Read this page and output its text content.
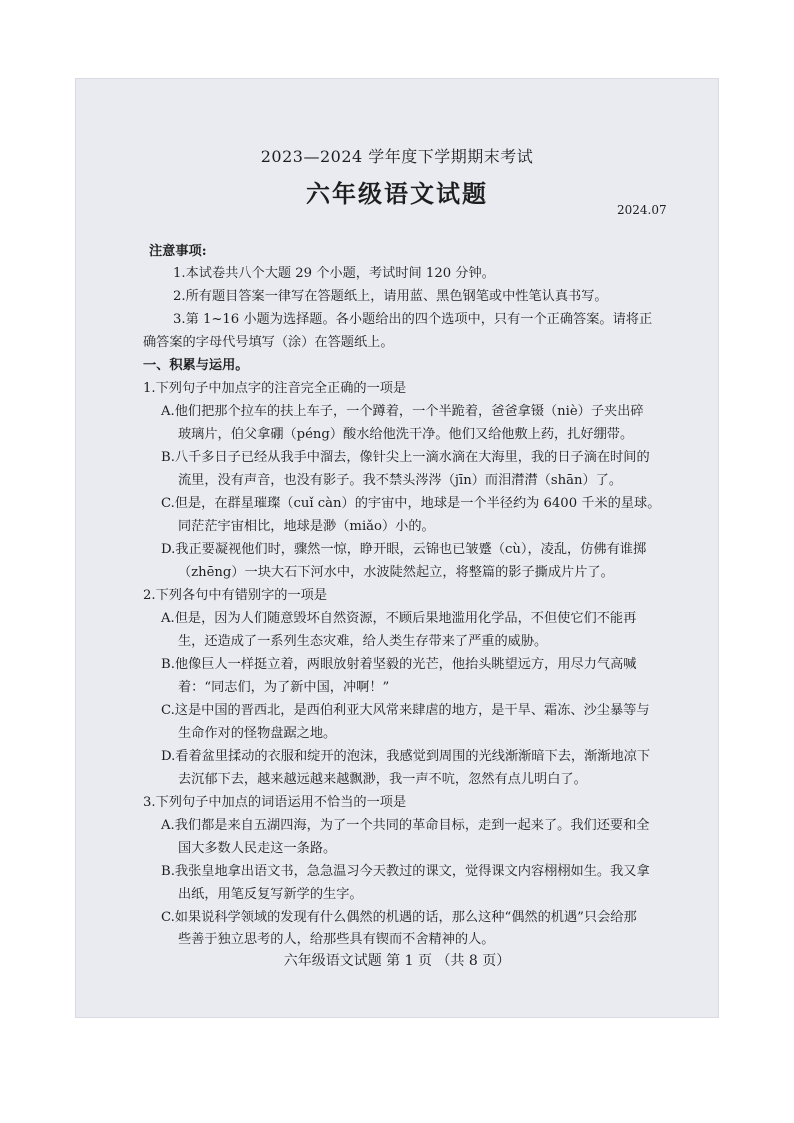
2023—2024 学年度下学期期末考试
六年级语文试题
2024.07
注意事项:
1.本试卷共八个大题 29 个小题，考试时间 120 分钟。
2.所有题目答案一律写在答题纸上，请用蓝、黑色钢笔或中性笔认真书写。
3.第 1~16 小题为选择题。各小题给出的四个选项中，只有一个正确答案。请将正
确答案的字母代号填写（涂）在答题纸上。
一、积累与运用。
1.下列句子中加点字的注音完全正确的一项是
A.他们把那个拉车的扶上车子，一个蹲着，一个半跪着，爸爸拿镊（niè）子夹出碎
玻璃片，伯父拿硼（péng）酸水给他洗干净。他们又给他敷上药，扎好绷带。
B.八千多日子已经从我手中溜去，像针尖上一滴水滴在大海里，我的日子滴在时间的
流里，没有声音，也没有影子。我不禁头涔涔（jīn）而泪潸潸（shān）了。
C.但是，在群星璀璨（cuǐ càn）的宇宙中，地球是一个半径约为 6400 千米的星球。
同茫茫宇宙相比，地球是渺（miǎo）小的。
D.我正要凝视他们时，骤然一惊，睁开眼，云锦也已皱蹙（cù），凌乱，仿佛有谁掷
（zhēng）一块大石下河水中，水波陡然起立，将整篇的影子撕成片片了。
2.下列各句中有错别字的一项是
A.但是，因为人们随意毁坏自然资源，不顾后果地滥用化学品，不但使它们不能再
生，还造成了一系列生态灾难，给人类生存带来了严重的威胁。
B.他像巨人一样挺立着，两眼放射着坚毅的光芒，他抬头眺望远方，用尽力气高喊
着：“同志们，为了新中国，冲啊！”
C.这是中国的晋西北，是西伯利亚大风常来肆虐的地方，是干旱、霜冻、沙尘暴等与
生命作对的怪物盘踞之地。
D.看着盆里揉动的衣服和绽开的泡沫，我感觉到周围的光线渐渐暗下去，渐渐地凉下
去沉郁下去，越来越远越来越飘渺，我一声不吭，忽然有点儿明白了。
3.下列句子中加点的词语运用不恰当的一项是
A.我们都是来自五湖四海，为了一个共同的革命目标，走到一起来了。我们还要和全
国大多数人民走这一条路。
B.我张皇地拿出语文书，急急温习今天教过的课文，觉得课文内容栩栩如生。我又拿
出纸，用笔反复写新学的生字。
C.如果说科学领域的发现有什么偶然的机遇的话，那么这种“偶然的机遇”只会给那
六年级语文试题 第 1 页 （共 8 页）
些善于独立思考的人，给那些具有锲而不舍精神的人。
